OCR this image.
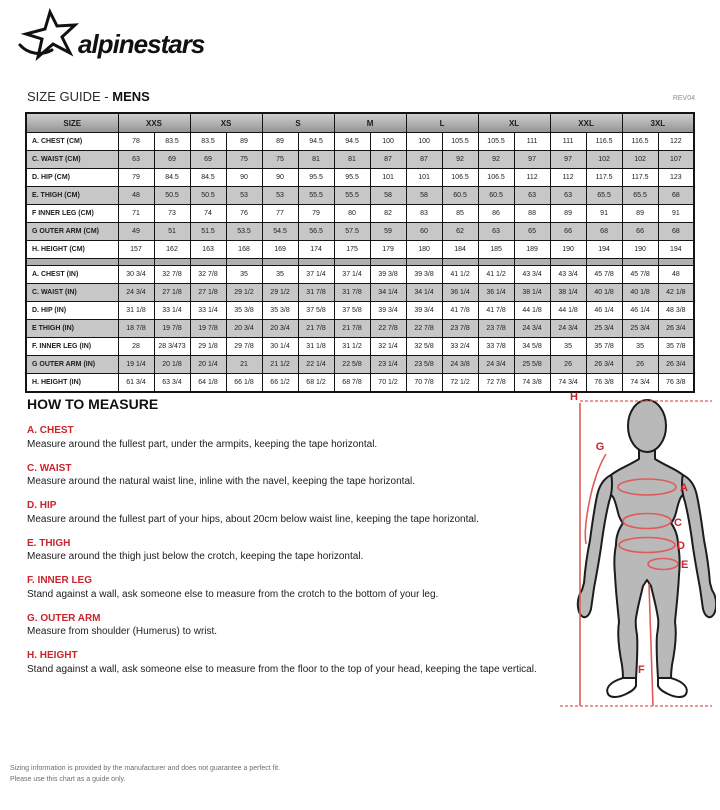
alpinestars
SIZE GUIDE - MENS	REV04
SIZE	XXS		XS		S		M		L		XL		XXL		3XL	
A. CHEST (CM)	78	83.5	83.5	89	89	94.5	94.5	100	100	105.5	105.5	111	111	116.5	116.5	122
C. WAIST (CM)	63	69	69	75	75	81	81	87	87	92	92	97	97	102	102	107
D. HIP (CM)	79	84.5	84.5	90	90	95.5	95.5	101	101	106.5	106.5	112	112	117.5	117.5	123
E. THIGH (CM)	48	50.5	50.5	53	53	55.5	55.5	58	58	60.5	60.5	63	63	65.5	65.5	68
F INNER LEG (CM)	71	73	74	76	77	79	80	82	83	85	86	88	89	91	89	91
G OUTER ARM (CM)	49	51	51.5	53.5	54.5	56.5	57.5	59	60	62	63	65	66	68	66	68
H. HEIGHT (CM)	157	162	163	168	169	174	175	179	180	184	185	189	190	194	190	194

A. CHEST (IN)	30 3/4	32 7/8	32 7/8	35	35	37 1/4	37 1/4	39 3/8	39 3/8	41 1/2	41 1/2	43 3/4	43 3/4	45 7/8	45 7/8	48
C. WAIST (IN)	24 3/4	27 1/8	27 1/8	29 1/2	29 1/2	31 7/8	31 7/8	34 1/4	34 1/4	36 1/4	36 1/4	38 1/4	38 1/4	40 1/8	40 1/8	42 1/8
D. HIP (IN)	31 1/8	33 1/4	33 1/4	35 3/8	35 3/8	37 5/8	37 5/8	39 3/4	39 3/4	41 7/8	41 7/8	44 1/8	44 1/8	46 1/4	46 1/4	48 3/8
E THIGH (IN)	18 7/8	19 7/8	19 7/8	20 3/4	20 3/4	21 7/8	21 7/8	22 7/8	22 7/8	23 7/8	23 7/8	24 3/4	24 3/4	25 3/4	25 3/4	26 3/4
F. INNER LEG (IN)	28	28 3/473	29 1/8	29 7/8	30 1/4	31 1/8	31 1/2	32 1/4	32 5/8	33 2/4	33 7/8	34 5/8	35	35 7/8	35	35 7/8
G OUTER ARM (IN)	19 1/4	20 1/8	20 1/4	21	21 1/2	22 1/4	22 5/8	23 1/4	23 5/8	24 3/8	24 3/4	25 5/8	26	26 3/4	26	26 3/4
H. HEIGHT (IN)	61 3/4	63 3/4	64 1/8	66 1/8	66 1/2	68 1/2	68 7/8	70 1/2	70 7/8	72 1/2	72 7/8	74 3/8	74 3/4	76 3/8	74 3/4	76 3/8
HOW TO MEASURE
A. CHEST

Measure around the fullest part, under the armpits, keeping the tape horizontal.

C. WAIST

Measure around the natural waist line, inline with the navel, keeping the tape horizontal.

D. HIP

Measure around the fullest part of your hips, about 20cm below waist line, keeping the tape horizontal.

E. THIGH

Measure around the thigh just below the crotch, keeping the tape horizontal.

F. INNER LEG

Stand against a wall, ask someone else to measure from the crotch to the bottom of your leg.

G. OUTER ARM

Measure from shoulder (Humerus) to wrist.

H. HEIGHT

Stand against a wall, ask someone else to measure from the floor to the top of your head, keeping the tape vertical.

H
G
A
C
D
E
F
Sizing information is provided by the manufacturer and does not guarantee a perfect fit.
Please use this chart as a guide only.
